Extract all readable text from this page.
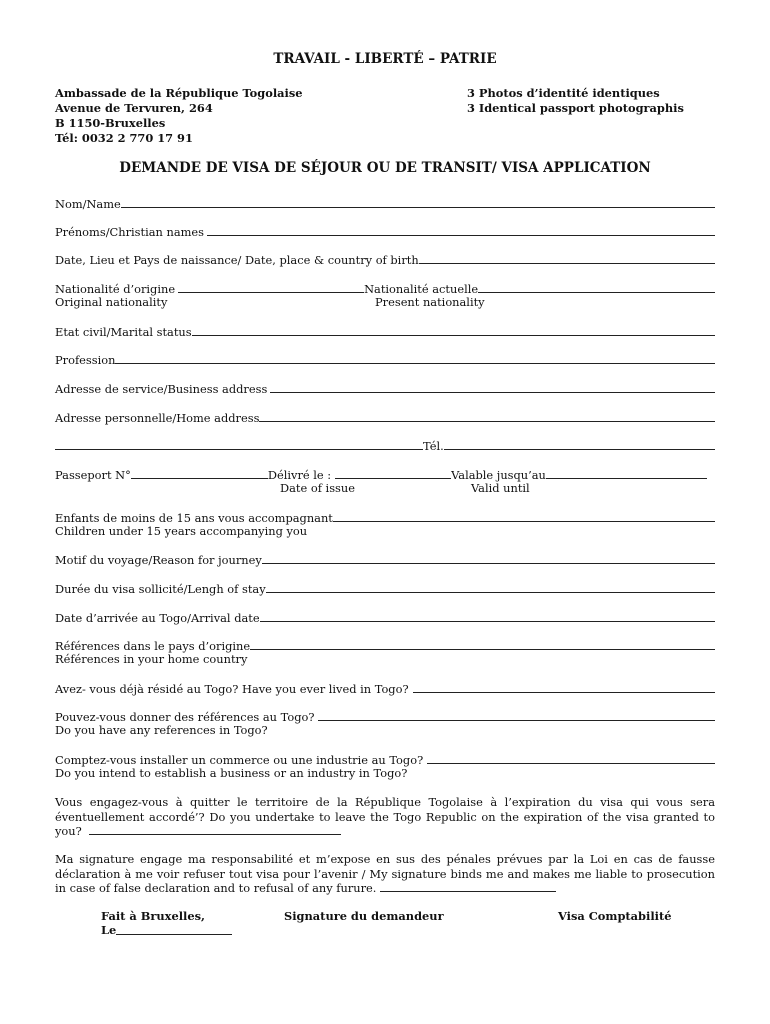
TRAVAIL - LIBERTÉ – PATRIE
Ambassade de la République Togolaise
Avenue de Tervuren, 264
B 1150-Bruxelles
Tél: 0032 2 770 17 91
3 Photos d’identité identiques
3 Identical passport photographis
DEMANDE DE VISA DE SÉJOUR OU DE TRANSIT/ VISA APPLICATION
Nom/Name
Prénoms/Christian names
Date, Lieu et Pays de naissance/ Date, place & country of birth
Nationalité d’origine	Nationalité actuelle
Original nationality	Present nationality
Etat civil/Marital status
Profession
Adresse de service/Business address
Adresse personnelle/Home address
Tél.
Passeport N°	Délivré le :	Valable jusqu’au
Date of issue	Valid until
Enfants de moins de 15 ans vous accompagnant
Children under 15 years accompanying you
Motif du voyage/Reason for journey
Durée du visa sollicité/Lengh of stay
Date d’arrivée au Togo/Arrival date
Références dans le pays d’origine
Références in your home country
Avez- vous déjà résidé au Togo? Have you ever lived in Togo?
Pouvez-vous donner des références au Togo?
Do you have any references in Togo?
Comptez-vous installer un commerce ou une industrie au Togo?
Do you intend to establish a business or an industry in Togo?
Vous engagez-vous à quitter le territoire de la République Togolaise à l’expiration du visa qui vous sera éventuellement accordé’? Do you undertake to leave the Togo Republic on the expiration of the visa granted to you?
Ma signature engage ma responsabilité et m’expose en sus des pénales prévues par la Loi en cas de fausse déclaration à me voir refuser tout visa pour l’avenir / My signature binds me and makes me liable to prosecution in case of false declaration and to refusal of any furure.
Fait à Bruxelles,
Le
Signature du demandeur	Visa Comptabilité
